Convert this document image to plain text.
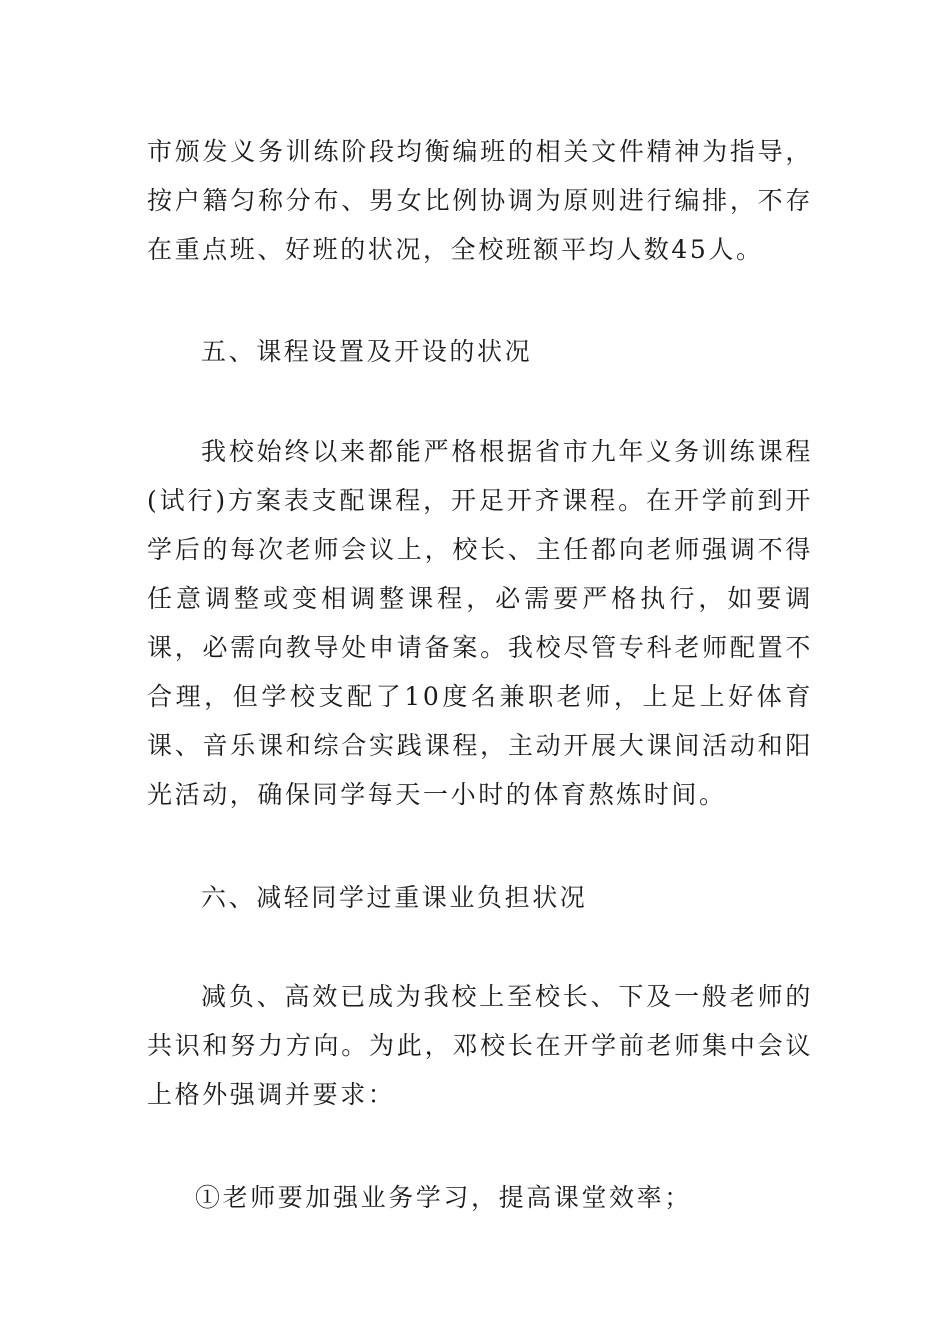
市颁发义务训练阶段均衡编班的相关文件精神为指导，按户籍匀称分布、男女比例协调为原则进行编排，不存在重点班、好班的状况，全校班额平均人数45人。

五、课程设置及开设的状况

我校始终以来都能严格根据省市九年义务训练课程(试行)方案表支配课程，开足开齐课程。在开学前到开学后的每次老师会议上，校长、主任都向老师强调不得任意调整或变相调整课程，必需要严格执行，如要调课，必需向教导处申请备案。我校尽管专科老师配置不合理，但学校支配了10度名兼职老师，上足上好体育课、音乐课和综合实践课程，主动开展大课间活动和阳光活动，确保同学每天一小时的体育熬炼时间。

六、减轻同学过重课业负担状况

减负、高效已成为我校上至校长、下及一般老师的共识和努力方向。为此，邓校长在开学前老师集中会议上格外强调并要求：

①老师要加强业务学习，提高课堂效率；
